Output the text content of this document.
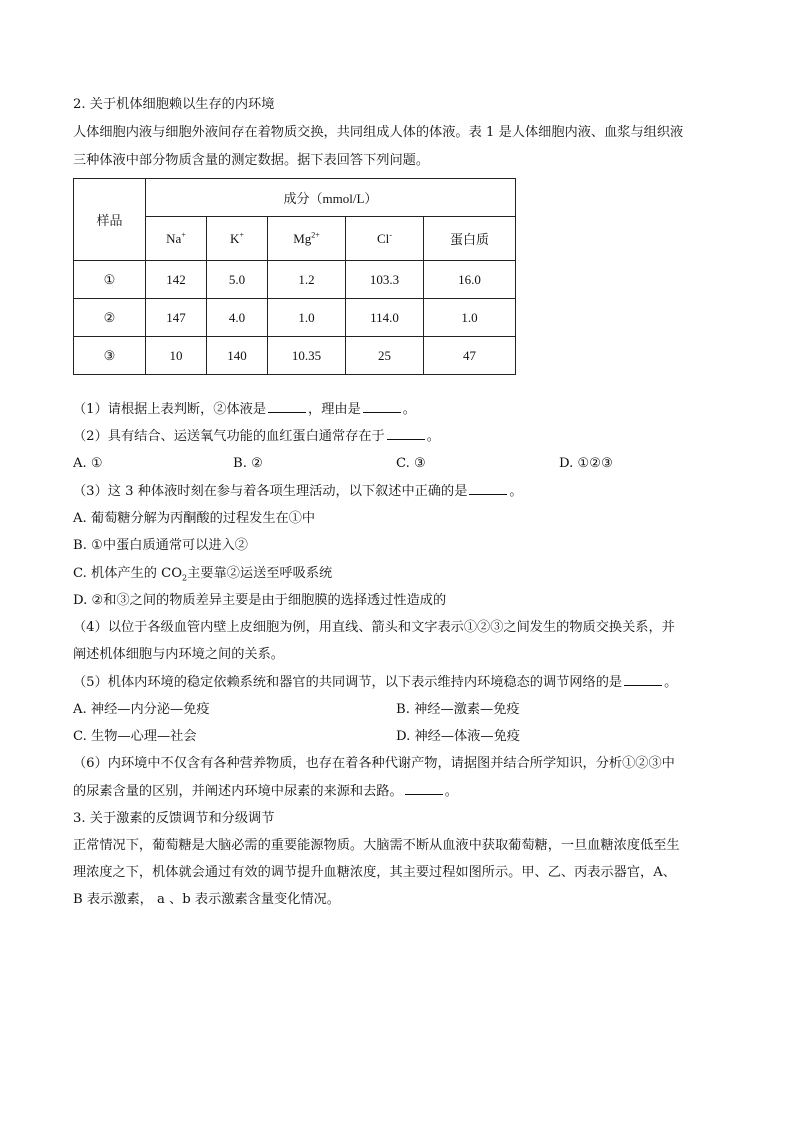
2. 关于机体细胞赖以生存的内环境
人体细胞内液与细胞外液间存在着物质交换，共同组成人体的体液。表 1 是人体细胞内液、血浆与组织液
三种体液中部分物质含量的测定数据。据下表回答下列问题。
样品	成分（mmol/L）				
	Na+	K+	$Mg^{2+}$	Cl-	蛋白质
①	142	5.0	1.2	103.3	16.0
②	147	4.0	1.0	114.0	1.0
③	10	140	10.35	25	47
（1）请根据上表判断，②体液是	，理由是	。
（2）具有结合、运送氧气功能的血红蛋白通常存在于	。
A. ①	B. ②	C. ③	D. ①②③
（3）这 3 种体液时刻在参与着各项生理活动，以下叙述中正确的是	。
A. 葡萄糖分解为丙酮酸的过程发生在①中
B. ①中蛋白质通常可以进入②
C. 机体产生的 $CO_2$主要靠②运送至呼吸系统
D. ②和③之间的物质差异主要是由于细胞膜的选择透过性造成的
（4）以位于各级血管内壁上皮细胞为例，用直线、箭头和文字表示①②③之间发生的物质交换关系，并
阐述机体细胞与内环境之间的关系。
（5）机体内环境的稳定依赖系统和器官的共同调节，以下表示维持内环境稳态的调节网络的是	。
A. 神经—内分泌—免疫	B. 神经—激素—免疫
C. 生物—心理—社会	D. 神经—体液—免疫
（6）内环境中不仅含有各种营养物质，也存在着各种代谢产物，请据图并结合所学知识，分析①②③中
的尿素含量的区别，并阐述内环境中尿素的来源和去路。	。
3. 关于激素的反馈调节和分级调节
正常情况下，葡萄糖是大脑必需的重要能源物质。大脑需不断从血液中获取葡萄糖，一旦血糖浓度低至生
理浓度之下，机体就会通过有效的调节提升血糖浓度，其主要过程如图所示。甲、乙、丙表示器官，A、
B 表示激素， a 、b 表示激素含量变化情况。
